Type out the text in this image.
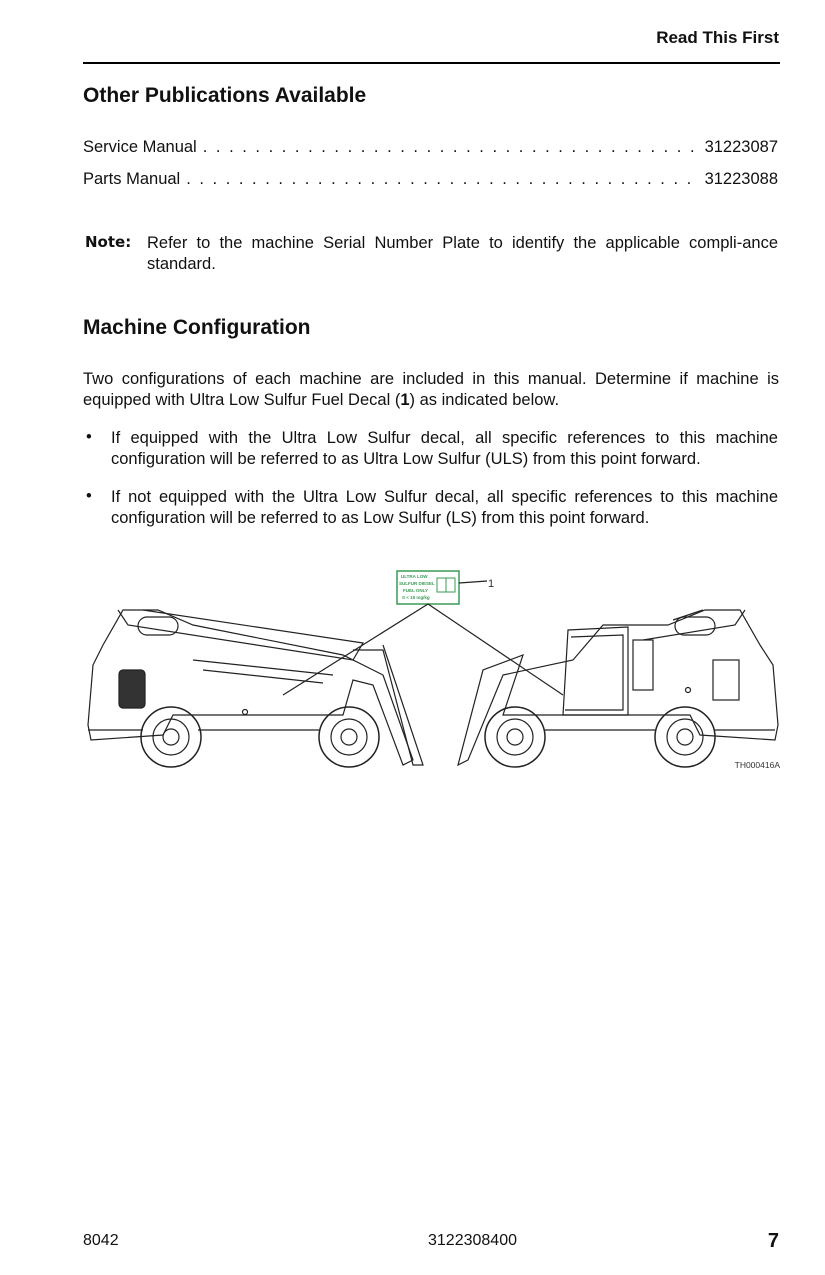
Read This First
Other Publications Available
Service Manual . . .	31223087
Parts Manual . . .	31223088
Note: Refer to the machine Serial Number Plate to identify the applicable compli-ance standard.
Machine Configuration
Two configurations of each machine are included in this manual. Determine if machine is equipped with Ultra Low Sulfur Fuel Decal (1) as indicated below.
• If equipped with the Ultra Low Sulfur decal, all specific references to this machine configuration will be referred to as Ultra Low Sulfur (ULS) from this point forward.
• If not equipped with the Ultra Low Sulfur decal, all specific references to this machine configuration will be referred to as Low Sulfur (LS) from this point forward.
ULTRA LOW
SULFUR DIESEL
FUEL ONLY
S < 15 mg/kg
1
TH000416A
8042	3122308400	7
